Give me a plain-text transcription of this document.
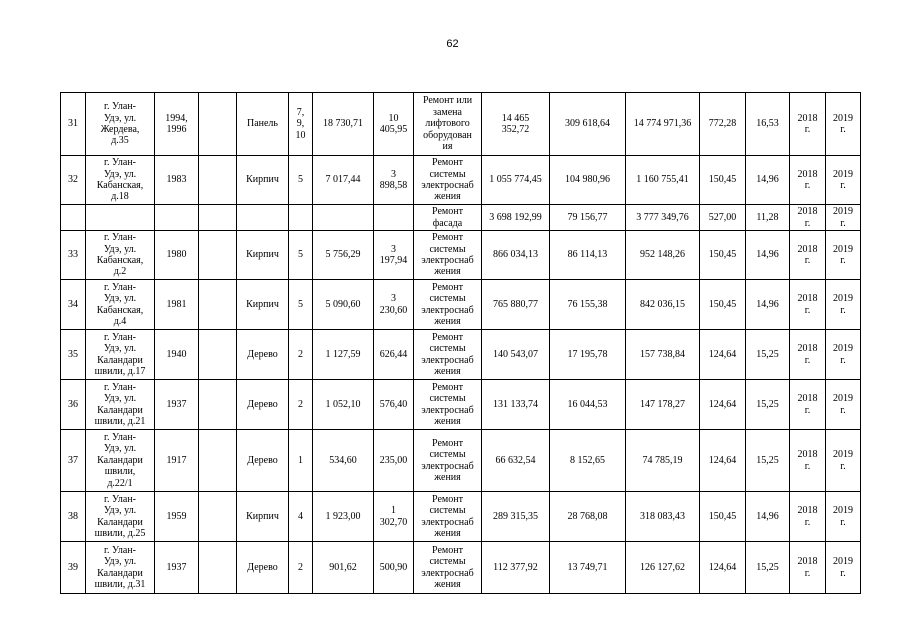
62
31	г. Улан-
Удэ, ул.
Жердева,
д.35	1994,
1996		Панель	7,
9,
10	18 730,71	10
405,95	Ремонт или
замена
лифтового
оборудован
ия	14 465
352,72	309 618,64	14 774 971,36	772,28	16,53	2018
г.	2019
г.
32	г. Улан-
Удэ, ул.
Кабанская,
д.18	1983		Кирпич	5	7 017,44	3
898,58	Ремонт
системы
электроснаб
жения	1 055 774,45	104 980,96	1 160 755,41	150,45	14,96	2018
г.	2019
г.
								Ремонт
фасада	3 698 192,99	79 156,77	3 777 349,76	527,00	11,28	2018
г.	2019
г.
33	г. Улан-
Удэ, ул.
Кабанская,
д.2	1980		Кирпич	5	5 756,29	3
197,94	Ремонт
системы
электроснаб
жения	866 034,13	86 114,13	952 148,26	150,45	14,96	2018
г.	2019
г.
34	г. Улан-
Удэ, ул.
Кабанская,
д.4	1981		Кирпич	5	5 090,60	3
230,60	Ремонт
системы
электроснаб
жения	765 880,77	76 155,38	842 036,15	150,45	14,96	2018
г.	2019
г.
35	г. Улан-
Удэ, ул.
Каландари
швили, д.17	1940		Дерево	2	1 127,59	626,44	Ремонт
системы
электроснаб
жения	140 543,07	17 195,78	157 738,84	124,64	15,25	2018
г.	2019
г.
36	г. Улан-
Удэ, ул.
Каландари
швили, д.21	1937		Дерево	2	1 052,10	576,40	Ремонт
системы
электроснаб
жения	131 133,74	16 044,53	147 178,27	124,64	15,25	2018
г.	2019
г.
37	г. Улан-
Удэ, ул.
Каландари
швили,
д.22/1	1917		Дерево	1	534,60	235,00	Ремонт
системы
электроснаб
жения	66 632,54	8 152,65	74 785,19	124,64	15,25	2018
г.	2019
г.
38	г. Улан-
Удэ, ул.
Каландари
швили, д.25	1959		Кирпич	4	1 923,00	1
302,70	Ремонт
системы
электроснаб
жения	289 315,35	28 768,08	318 083,43	150,45	14,96	2018
г.	2019
г.
39	г. Улан-
Удэ, ул.
Каландари
швили, д.31	1937		Дерево	2	901,62	500,90	Ремонт
системы
электроснаб
жения	112 377,92	13 749,71	126 127,62	124,64	15,25	2018
г.	2019
г.
